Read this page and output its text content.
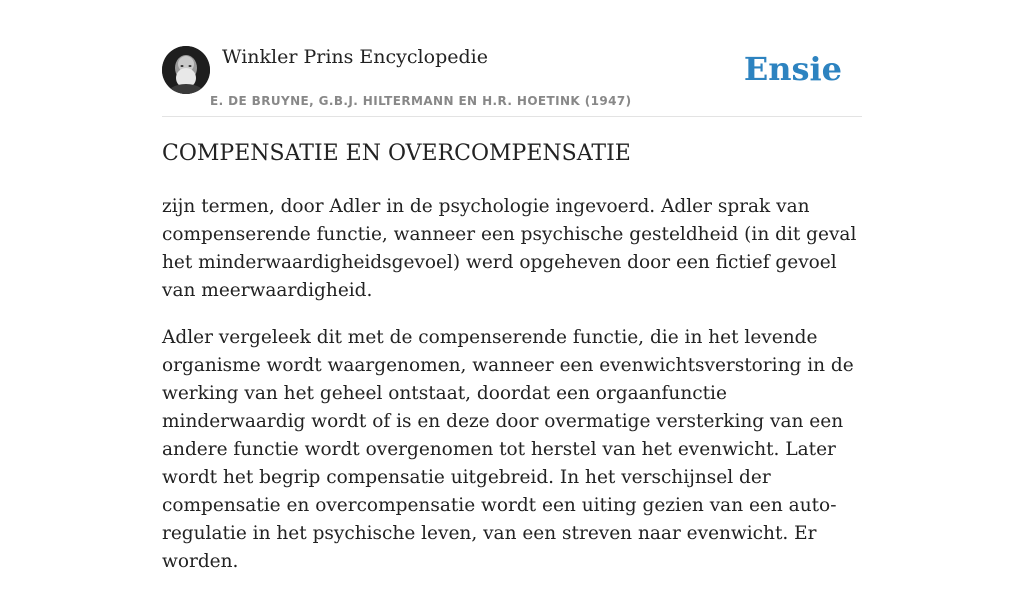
Winkler Prins Encyclopedie
E. DE BRUYNE, G.B.J. HILTERMANN EN H.R. HOETINK (1947)
Ensie
COMPENSATIE EN OVERCOMPENSATIE

zijn termen, door Adler in de psychologie ingevoerd. Adler sprak van compenserende functie, wanneer een psychische gesteldheid (in dit geval het minderwaardigheidsgevoel) werd opgeheven door een fictief gevoel van meerwaardigheid.

Adler vergeleek dit met de compenserende functie, die in het levende organisme wordt waargenomen, wanneer een evenwichtsverstoring in de werking van het geheel ontstaat, doordat een orgaanfunctie minderwaardig wordt of is en deze door overmatige versterking van een andere functie wordt overgenomen tot herstel van het evenwicht. Later wordt het begrip compensatie uitgebreid. In het verschijnsel der compensatie en overcompensatie wordt een uiting gezien van een auto-regulatie in het psychische leven, van een streven naar evenwicht. Er worden.
